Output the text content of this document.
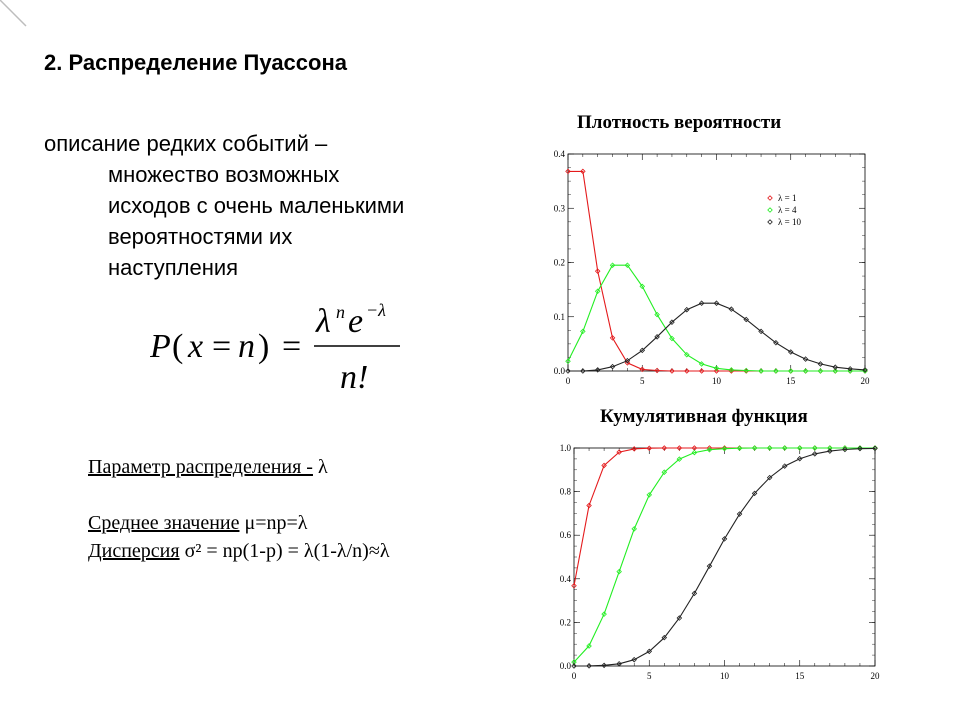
2. Распределение Пуассона
описание редких событий –
множество возможных
исходов с очень маленькими
вероятностями их
наступления
P ( x = n ) =
λ n e −λ
n!
Параметр распределения - λ
Среднее значение μ=np=λ
Дисперсия σ² = np(1-p) = λ(1-λ/n)≈λ
Плотность вероятности
0	5	10	15	20
0.0
0.1
0.2
0.3
0.4
λ = 1
λ = 4
λ = 10
Кумулятивная функция
0	5	10	15	20
0.0
0.2
0.4
0.6
0.8
1.0
